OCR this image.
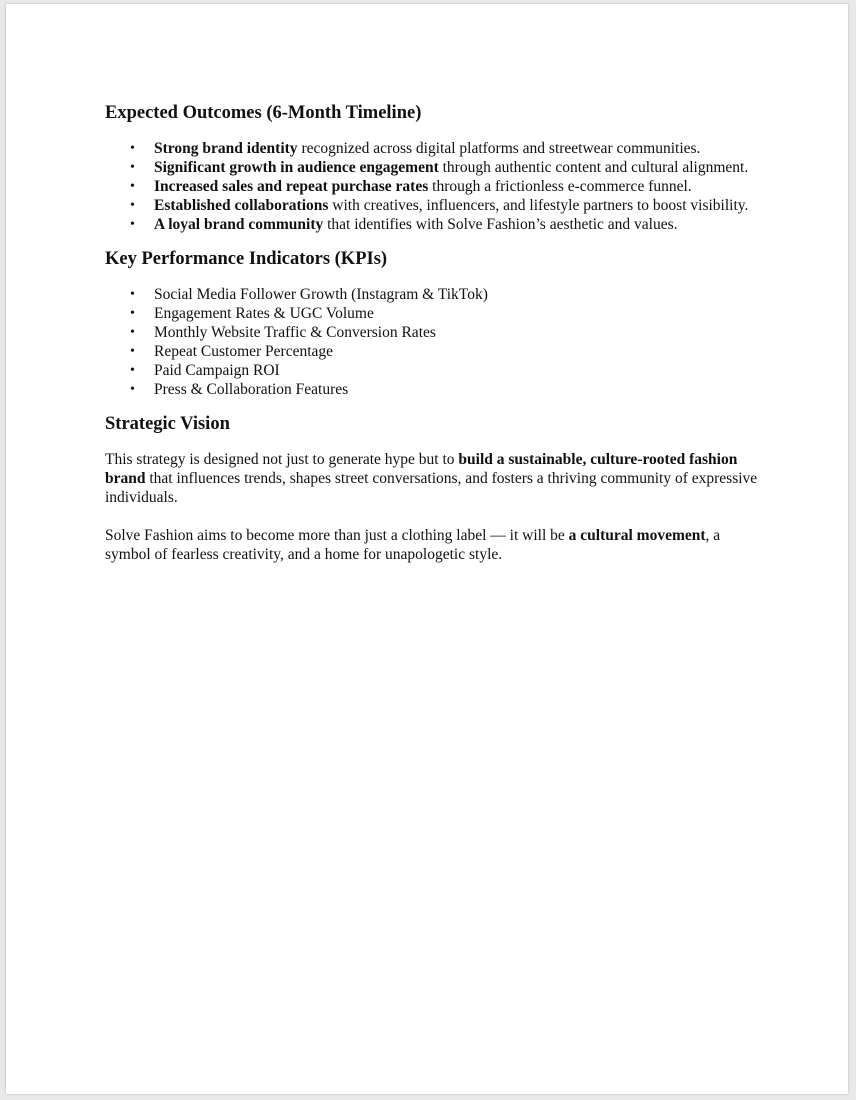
Expected Outcomes (6-Month Timeline)
• Strong brand identity recognized across digital platforms and streetwear communities.
• Significant growth in audience engagement through authentic content and cultural alignment.
• Increased sales and repeat purchase rates through a frictionless e-commerce funnel.
• Established collaborations with creatives, influencers, and lifestyle partners to boost visibility.
• A loyal brand community that identifies with Solve Fashion’s aesthetic and values.
Key Performance Indicators (KPIs)
• Social Media Follower Growth (Instagram & TikTok)
• Engagement Rates & UGC Volume
• Monthly Website Traffic & Conversion Rates
• Repeat Customer Percentage
• Paid Campaign ROI
• Press & Collaboration Features
Strategic Vision

This strategy is designed not just to generate hype but to build a sustainable, culture-rooted fashion brand that influences trends, shapes street conversations, and fosters a thriving community of expressive individuals.

Solve Fashion aims to become more than just a clothing label — it will be a cultural movement, a symbol of fearless creativity, and a home for unapologetic style.
